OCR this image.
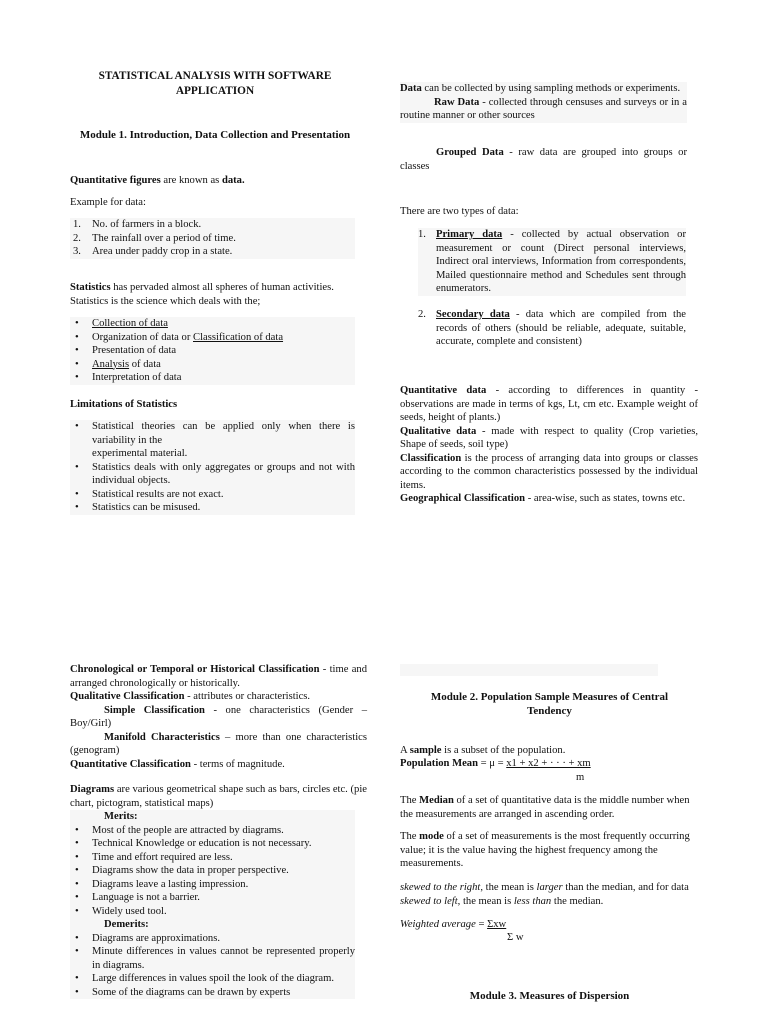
STATISTICAL ANALYSIS WITH SOFTWARE APPLICATION
Module 1. Introduction, Data Collection and Presentation

Quantitative figures are known as data.

Example for data:

1. No. of farmers in a block.
2. The rainfall over a period of time.
3. Area under paddy crop in a state.

Statistics has pervaded almost all spheres of human activities. Statistics is the science which deals with the;

• Collection of data
• Organization of data or Classification of data
• Presentation of data
• Analysis of data
• Interpretation of data

Limitations of Statistics

• Statistical theories can be applied only when there is variability in the
experimental material.
• Statistics deals with only aggregates or groups and not with individual objects.
• Statistical results are not exact.
• Statistics can be misused.

Data can be collected by using sampling methods or experiments.

Raw Data - collected through censuses and surveys or in a routine manner or other sources

Grouped Data - raw data are grouped into groups or classes

There are two types of data:

1. Primary data - collected by actual observation or measurement or count (Direct personal interviews, Indirect oral interviews, Information from correspondents, Mailed questionnaire method and Schedules sent through enumerators.
2. Secondary data - data which are compiled from the records of others (should be reliable, adequate, suitable, accurate, complete and consistent)

Quantitative data - according to differences in quantity - observations are made in terms of kgs, Lt, cm etc. Example weight of seeds, height of plants.)

Qualitative data - made with respect to quality (Crop varieties, Shape of seeds, soil type)

Classification is the process of arranging data into groups or classes according to the common characteristics possessed by the individual items.

Geographical Classification - area-wise, such as states, towns etc.

Chronological or Temporal or Historical Classification - time and arranged chronologically or historically.

Qualitative Classification - attributes or characteristics.

Simple Classification - one characteristics (Gender – Boy/Girl)

Manifold Characteristics – more than one characteristics (genogram)

Quantitative Classification - terms of magnitude.

Diagrams are various geometrical shape such as bars, circles etc. (pie chart, pictogram, statistical maps)

Merits:

• Most of the people are attracted by diagrams.
• Technical Knowledge or education is not necessary.
• Time and effort required are less.
• Diagrams show the data in proper perspective.
• Diagrams leave a lasting impression.
• Language is not a barrier.
• Widely used tool.

Demerits:

• Diagrams are approximations.
• Minute differences in values cannot be represented properly in diagrams.
• Large differences in values spoil the look of the diagram.
• Some of the diagrams can be drawn by experts
Module 2. Population Sample Measures of Central Tendency

A sample is a subset of the population.

Population Mean = μ = x1 + x2 + · · · + xm

m

The Median of a set of quantitative data is the middle number when the measurements are arranged in ascending order.

The mode of a set of measurements is the most frequently occurring value; it is the value having the highest frequency among the measurements.

skewed to the right, the mean is larger than the median, and for data skewed to left, the mean is less than the median.

Weighted average = Σxw

Σ w

Module 3. Measures of Dispersion
